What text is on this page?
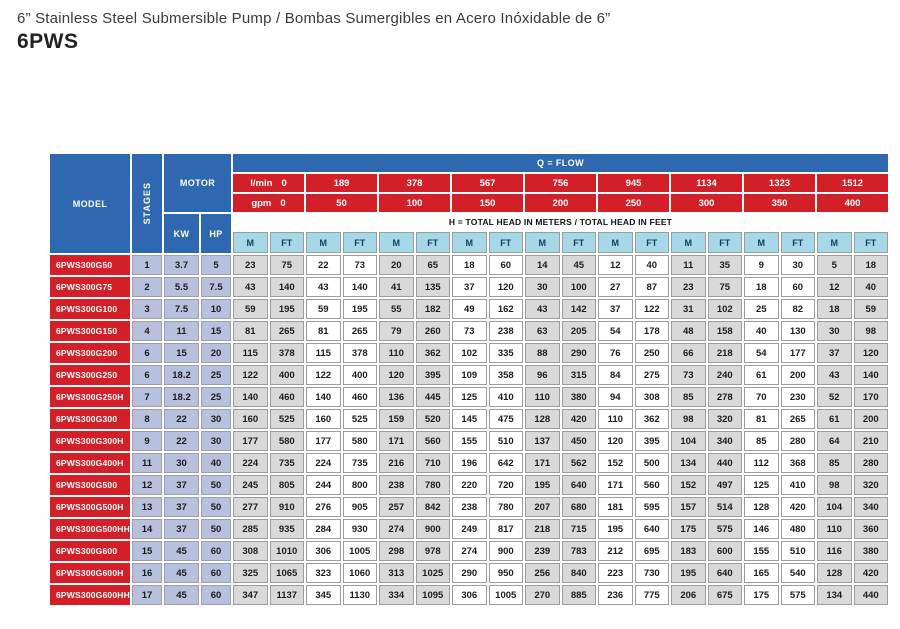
6” Stainless Steel Submersible Pump / Bombas Sumergibles en Acero Inóxidable de 6”
6PWS
MODEL	STAGES	MOTOR		Q = FLOW																	

				l/min 0		189		378		567		756		945		1134		1323		1512	

				gpm 0		50		100		150		200		250		300		350		400	
		KW	HP	H = TOTAL HEAD IN METERS / TOTAL HEAD IN FEET																	
				M	FT	M	FT	M	FT	M	FT	M	FT	M	FT	M	FT	M	FT	M	FT
6PWS300G50	1	3.7	5	23	75	22	73	20	65	18	60	14	45	12	40	11	35	9	30	5	18
6PWS300G75	2	5.5	7.5	43	140	43	140	41	135	37	120	30	100	27	87	23	75	18	60	12	40
6PWS300G100	3	7.5	10	59	195	59	195	55	182	49	162	43	142	37	122	31	102	25	82	18	59
6PWS300G150	4	11	15	81	265	81	265	79	260	73	238	63	205	54	178	48	158	40	130	30	98
6PWS300G200	6	15	20	115	378	115	378	110	362	102	335	88	290	76	250	66	218	54	177	37	120
6PWS300G250	6	18.2	25	122	400	122	400	120	395	109	358	96	315	84	275	73	240	61	200	43	140
6PWS300G250H	7	18.2	25	140	460	140	460	136	445	125	410	110	380	94	308	85	278	70	230	52	170
6PWS300G300	8	22	30	160	525	160	525	159	520	145	475	128	420	110	362	98	320	81	265	61	200
6PWS300G300H	9	22	30	177	580	177	580	171	560	155	510	137	450	120	395	104	340	85	280	64	210
6PWS300G400H	11	30	40	224	735	224	735	216	710	196	642	171	562	152	500	134	440	112	368	85	280
6PWS300G500	12	37	50	245	805	244	800	238	780	220	720	195	640	171	560	152	497	125	410	98	320
6PWS300G500H	13	37	50	277	910	276	905	257	842	238	780	207	680	181	595	157	514	128	420	104	340
6PWS300G500HH	14	37	50	285	935	284	930	274	900	249	817	218	715	195	640	175	575	146	480	110	360
6PWS300G600	15	45	60	308	1010	306	1005	298	978	274	900	239	783	212	695	183	600	155	510	116	380
6PWS300G600H	16	45	60	325	1065	323	1060	313	1025	290	950	256	840	223	730	195	640	165	540	128	420
6PWS300G600HH	17	45	60	347	1137	345	1130	334	1095	306	1005	270	885	236	775	206	675	175	575	134	440
